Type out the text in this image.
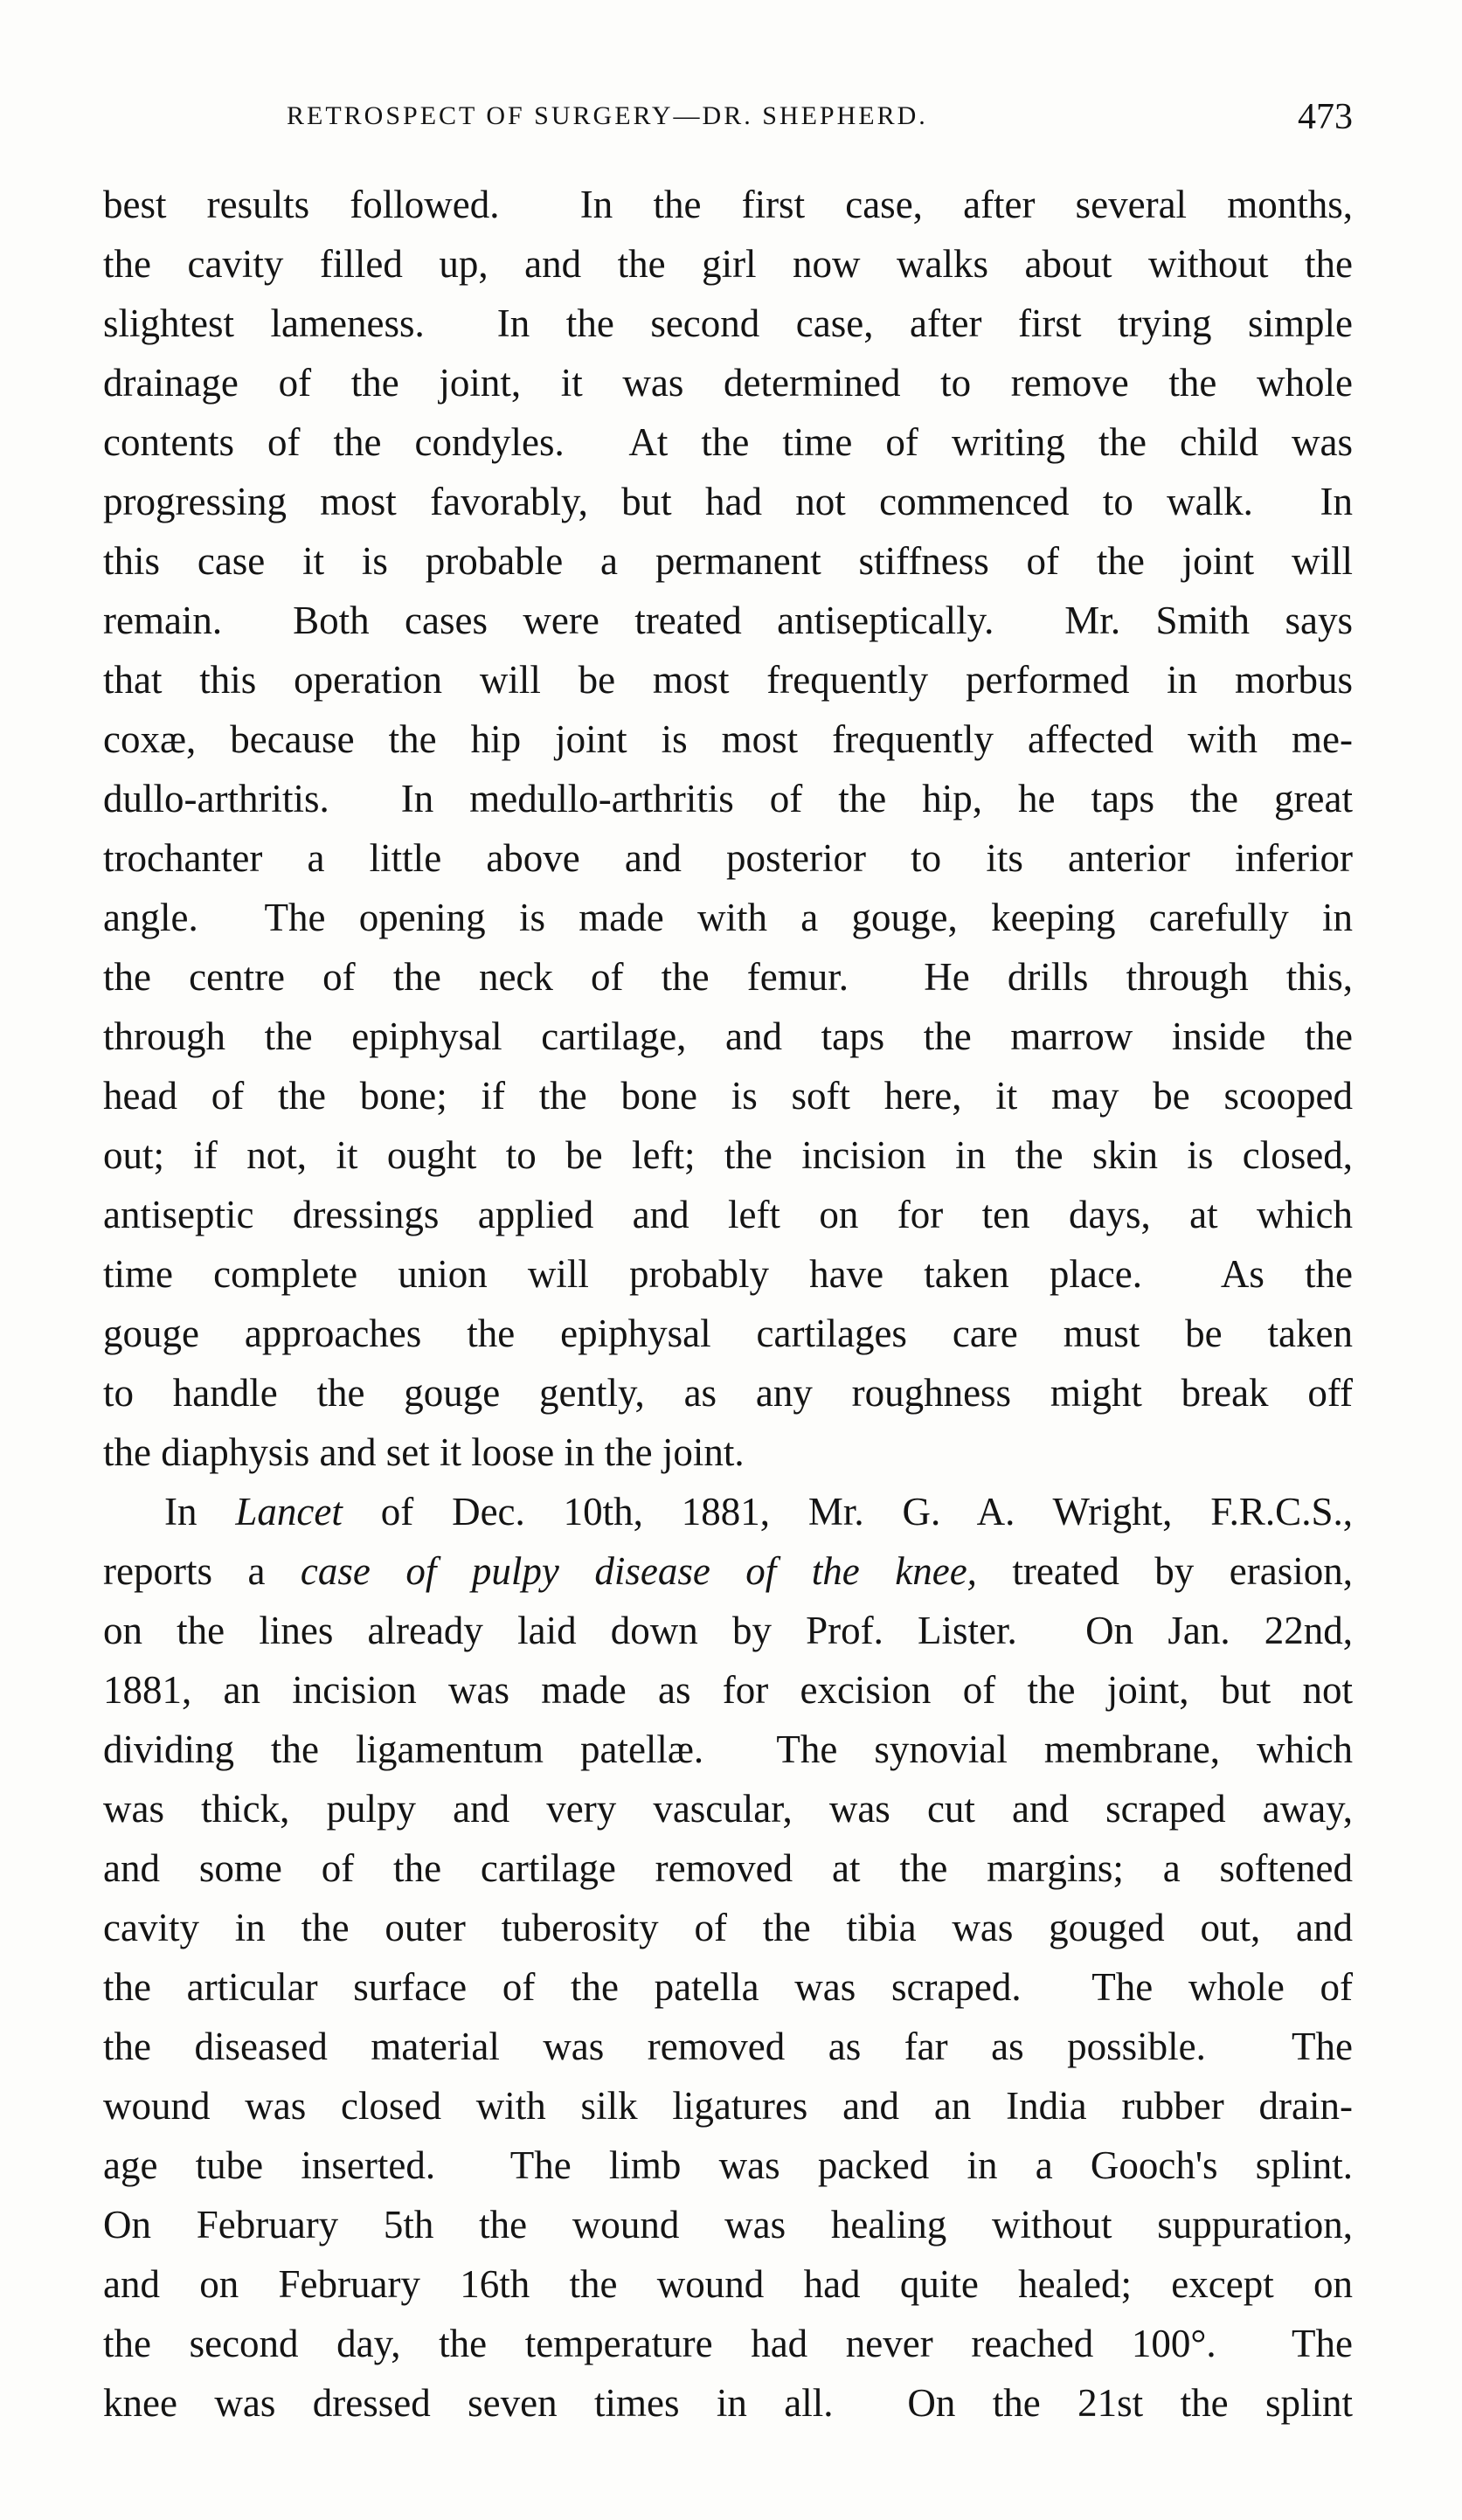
RETROSPECT OF SURGERY—DR. SHEPHERD.	473
best results followed.  In the first case, after several months,
the cavity filled up, and the girl now walks about without the
slightest lameness.  In the second case, after first trying simple
drainage of the joint, it was determined to remove the whole
contents of the condyles.  At the time of writing the child was
progressing most favorably, but had not commenced to walk.  In
this case it is probable a permanent stiffness of the joint will
remain.  Both cases were treated antiseptically.  Mr. Smith says
that this operation will be most frequently performed in morbus
coxæ, because the hip joint is most frequently affected with me-
dullo-arthritis.  In medullo-arthritis of the hip, he taps the great
trochanter a little above and posterior to its anterior inferior
angle.  The opening is made with a gouge, keeping carefully in
the centre of the neck of the femur.  He drills through this,
through the epiphysal cartilage, and taps the marrow inside the
head of the bone; if the bone is soft here, it may be scooped
out; if not, it ought to be left; the incision in the skin is closed,
antiseptic dressings applied and left on for ten days, at which
time complete union will probably have taken place.  As the
gouge approaches the epiphysal cartilages care must be taken
to handle the gouge gently, as any roughness might break off
the diaphysis and set it loose in the joint.
In Lancet of Dec. 10th, 1881, Mr. G. A. Wright, F.R.C.S.,
reports a case of pulpy disease of the knee, treated by erasion,
on the lines already laid down by Prof. Lister.  On Jan. 22nd,
1881, an incision was made as for excision of the joint, but not
dividing the ligamentum patellæ.  The synovial membrane, which
was thick, pulpy and very vascular, was cut and scraped away,
and some of the cartilage removed at the margins; a softened
cavity in the outer tuberosity of the tibia was gouged out, and
the articular surface of the patella was scraped.  The whole of
the diseased material was removed as far as possible.  The
wound was closed with silk ligatures and an India rubber drain-
age tube inserted.  The limb was packed in a Gooch's splint.
On February 5th the wound was healing without suppuration,
and on February 16th the wound had quite healed; except on
the second day, the temperature had never reached 100°.  The
knee was dressed seven times in all.  On the 21st the splint
